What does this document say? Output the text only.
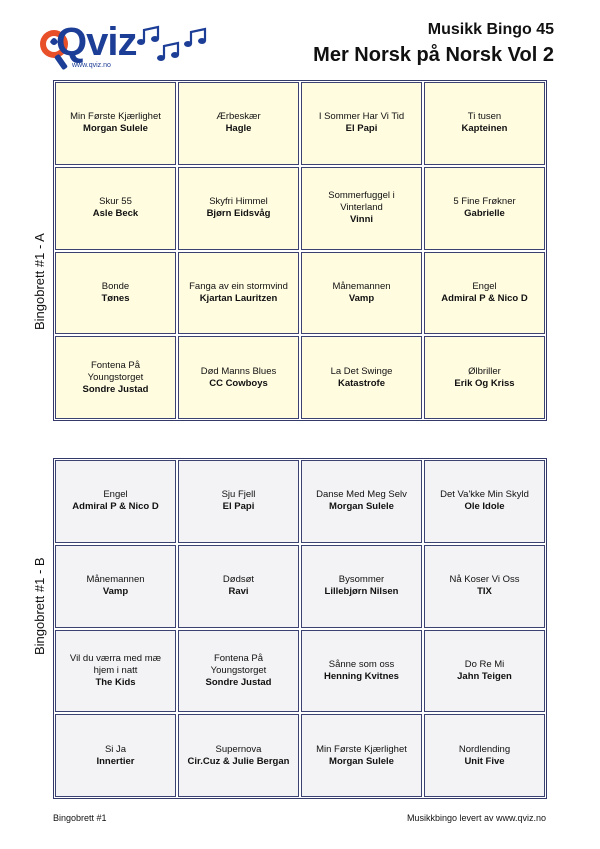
Qviz
www.qviz.no
Musikk Bingo 45
Mer Norsk på Norsk Vol 2
Bingobrett #1 - A
Min Første Kjærlighet
Morgan Sulele
Ærbeskær
Hagle
I Sommer Har Vi Tid
El Papi
Ti tusen
Kapteinen
Skur 55
Asle Beck
Skyfri Himmel
Bjørn Eidsvåg
Sommerfuggel i Vinterland
Vinni
5 Fine Frøkner
Gabrielle
Bonde
Tønes
Fanga av ein stormvind
Kjartan Lauritzen
Månemannen
Vamp
Engel
Admiral P & Nico D
Fontena På Youngstorget
Sondre Justad
Død Manns Blues
CC Cowboys
La Det Swinge
Katastrofe
Ølbriller
Erik Og Kriss
Bingobrett #1 - B
Engel
Admiral P & Nico D
Sju Fjell
El Papi
Danse Med Meg Selv
Morgan Sulele
Det Va'kke Min Skyld
Ole Idole
Månemannen
Vamp
Dødsøt
Ravi
Bysommer
Lillebjørn Nilsen
Nå Koser Vi Oss
TIX
Vil du værra med mæ hjem i natt
The Kids
Fontena På Youngstorget
Sondre Justad
Sånne som oss
Henning Kvitnes
Do Re Mi
Jahn Teigen
Si Ja
Innertier
Supernova
Cir.Cuz & Julie Bergan
Min Første Kjærlighet
Morgan Sulele
Nordlending
Unit Five
Bingobrett #1	Musikkbingo levert av www.qviz.no
